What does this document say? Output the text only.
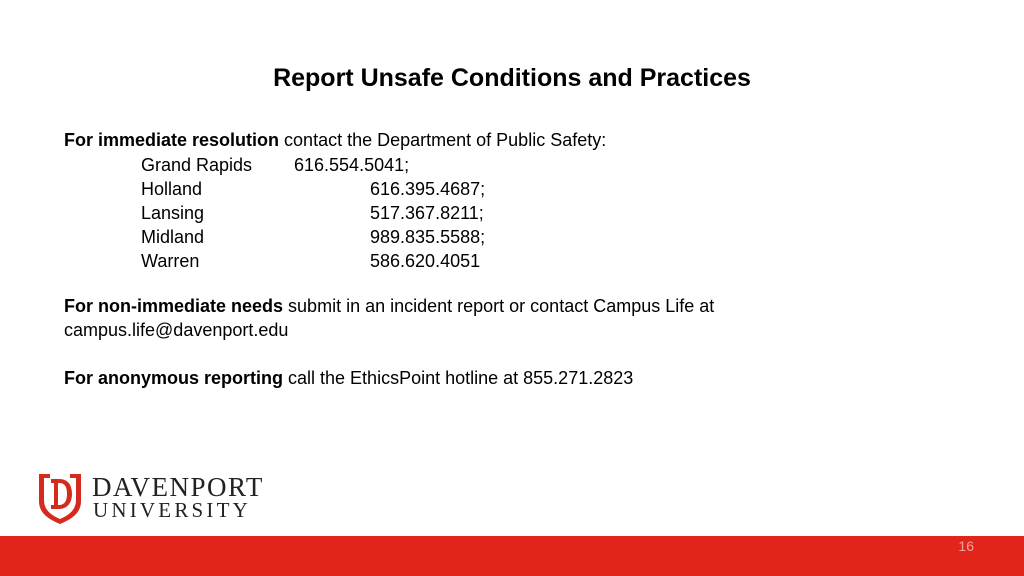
Report Unsafe Conditions and Practices
For immediate resolution contact the Department of Public Safety:
Grand Rapids 616.554.5041;
Holland	616.395.4687;
Lansing	517.367.8211;
Midland	989.835.5588;
Warren	586.620.4051
For non-immediate needs submit in an incident report or contact Campus Life at
campus.life@davenport.edu
For anonymous reporting call the EthicsPoint hotline at 855.271.2823
DAVENPORT
UNIVERSITY
16
